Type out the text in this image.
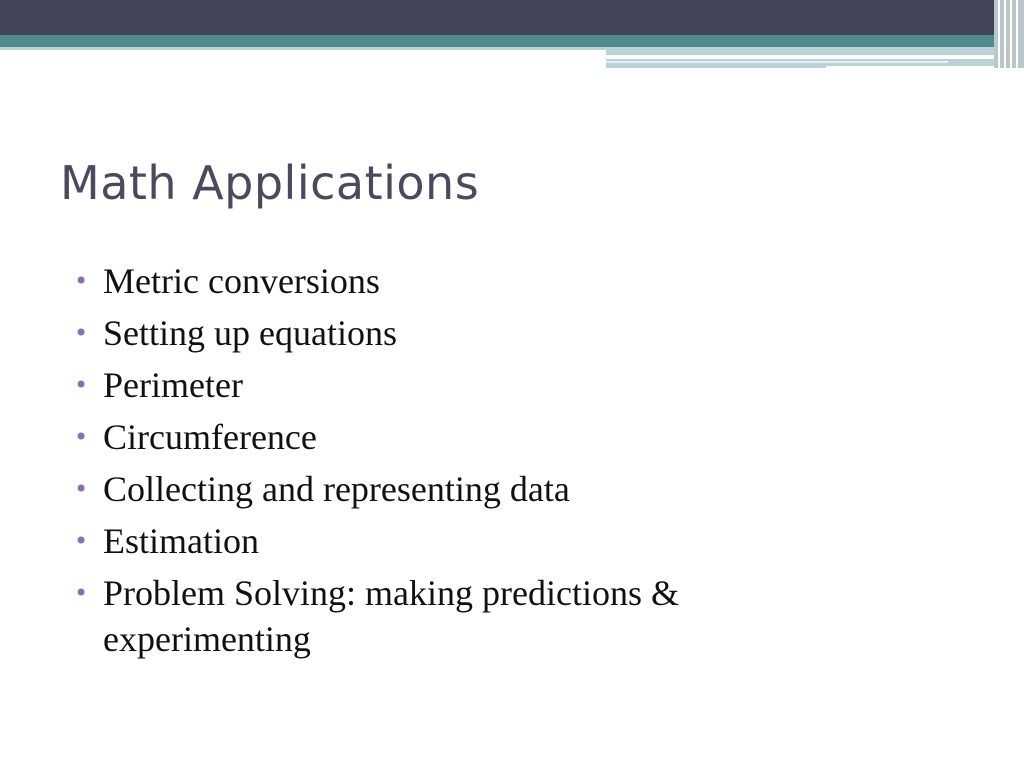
Math Applications
• Metric conversions
• Setting up equations
• Perimeter
• Circumference
• Collecting and representing data
• Estimation
• Problem Solving: making predictions & experimenting
